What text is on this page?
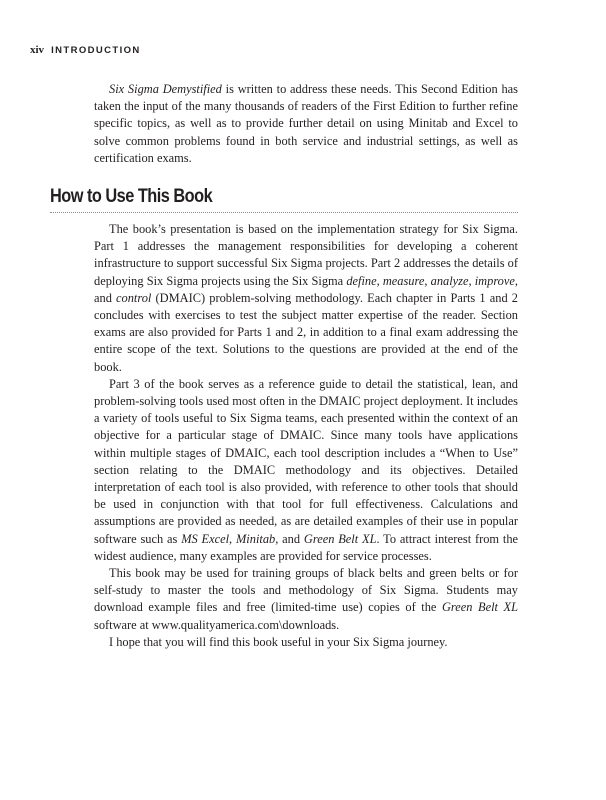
xiv INTRODUCTION

Six Sigma Demystified is written to address these needs. This Second Edition has taken the input of the many thousands of readers of the First Edition to further refine specific topics, as well as to provide further detail on using Minitab and Excel to solve common problems found in both service and industrial settings, as well as certification exams.

How to Use This Book

The book’s presentation is based on the implementation strategy for Six Sigma. Part 1 addresses the management responsibilities for developing a coherent infrastructure to support successful Six Sigma projects. Part 2 addresses the details of deploying Six Sigma projects using the Six Sigma define, measure, analyze, improve, and control (DMAIC) problem-solving methodology. Each chapter in Parts 1 and 2 concludes with exercises to test the subject matter expertise of the reader. Section exams are also provided for Parts 1 and 2, in addition to a final exam addressing the entire scope of the text. Solutions to the questions are provided at the end of the book.

Part 3 of the book serves as a reference guide to detail the statistical, lean, and problem-solving tools used most often in the DMAIC project deployment. It includes a variety of tools useful to Six Sigma teams, each presented within the context of an objective for a particular stage of DMAIC. Since many tools have applications within multiple stages of DMAIC, each tool description includes a “When to Use” section relating to the DMAIC methodology and its objectives. Detailed interpretation of each tool is also provided, with reference to other tools that should be used in conjunction with that tool for full effectiveness. Calculations and assumptions are provided as needed, as are detailed examples of their use in popular software such as MS Excel, Minitab, and Green Belt XL. To attract interest from the widest audience, many examples are provided for service processes.

This book may be used for training groups of black belts and green belts or for self-study to master the tools and methodology of Six Sigma. Students may download example files and free (limited-time use) copies of the Green Belt XL software at www.qualityamerica.com\downloads.

I hope that you will find this book useful in your Six Sigma journey.
